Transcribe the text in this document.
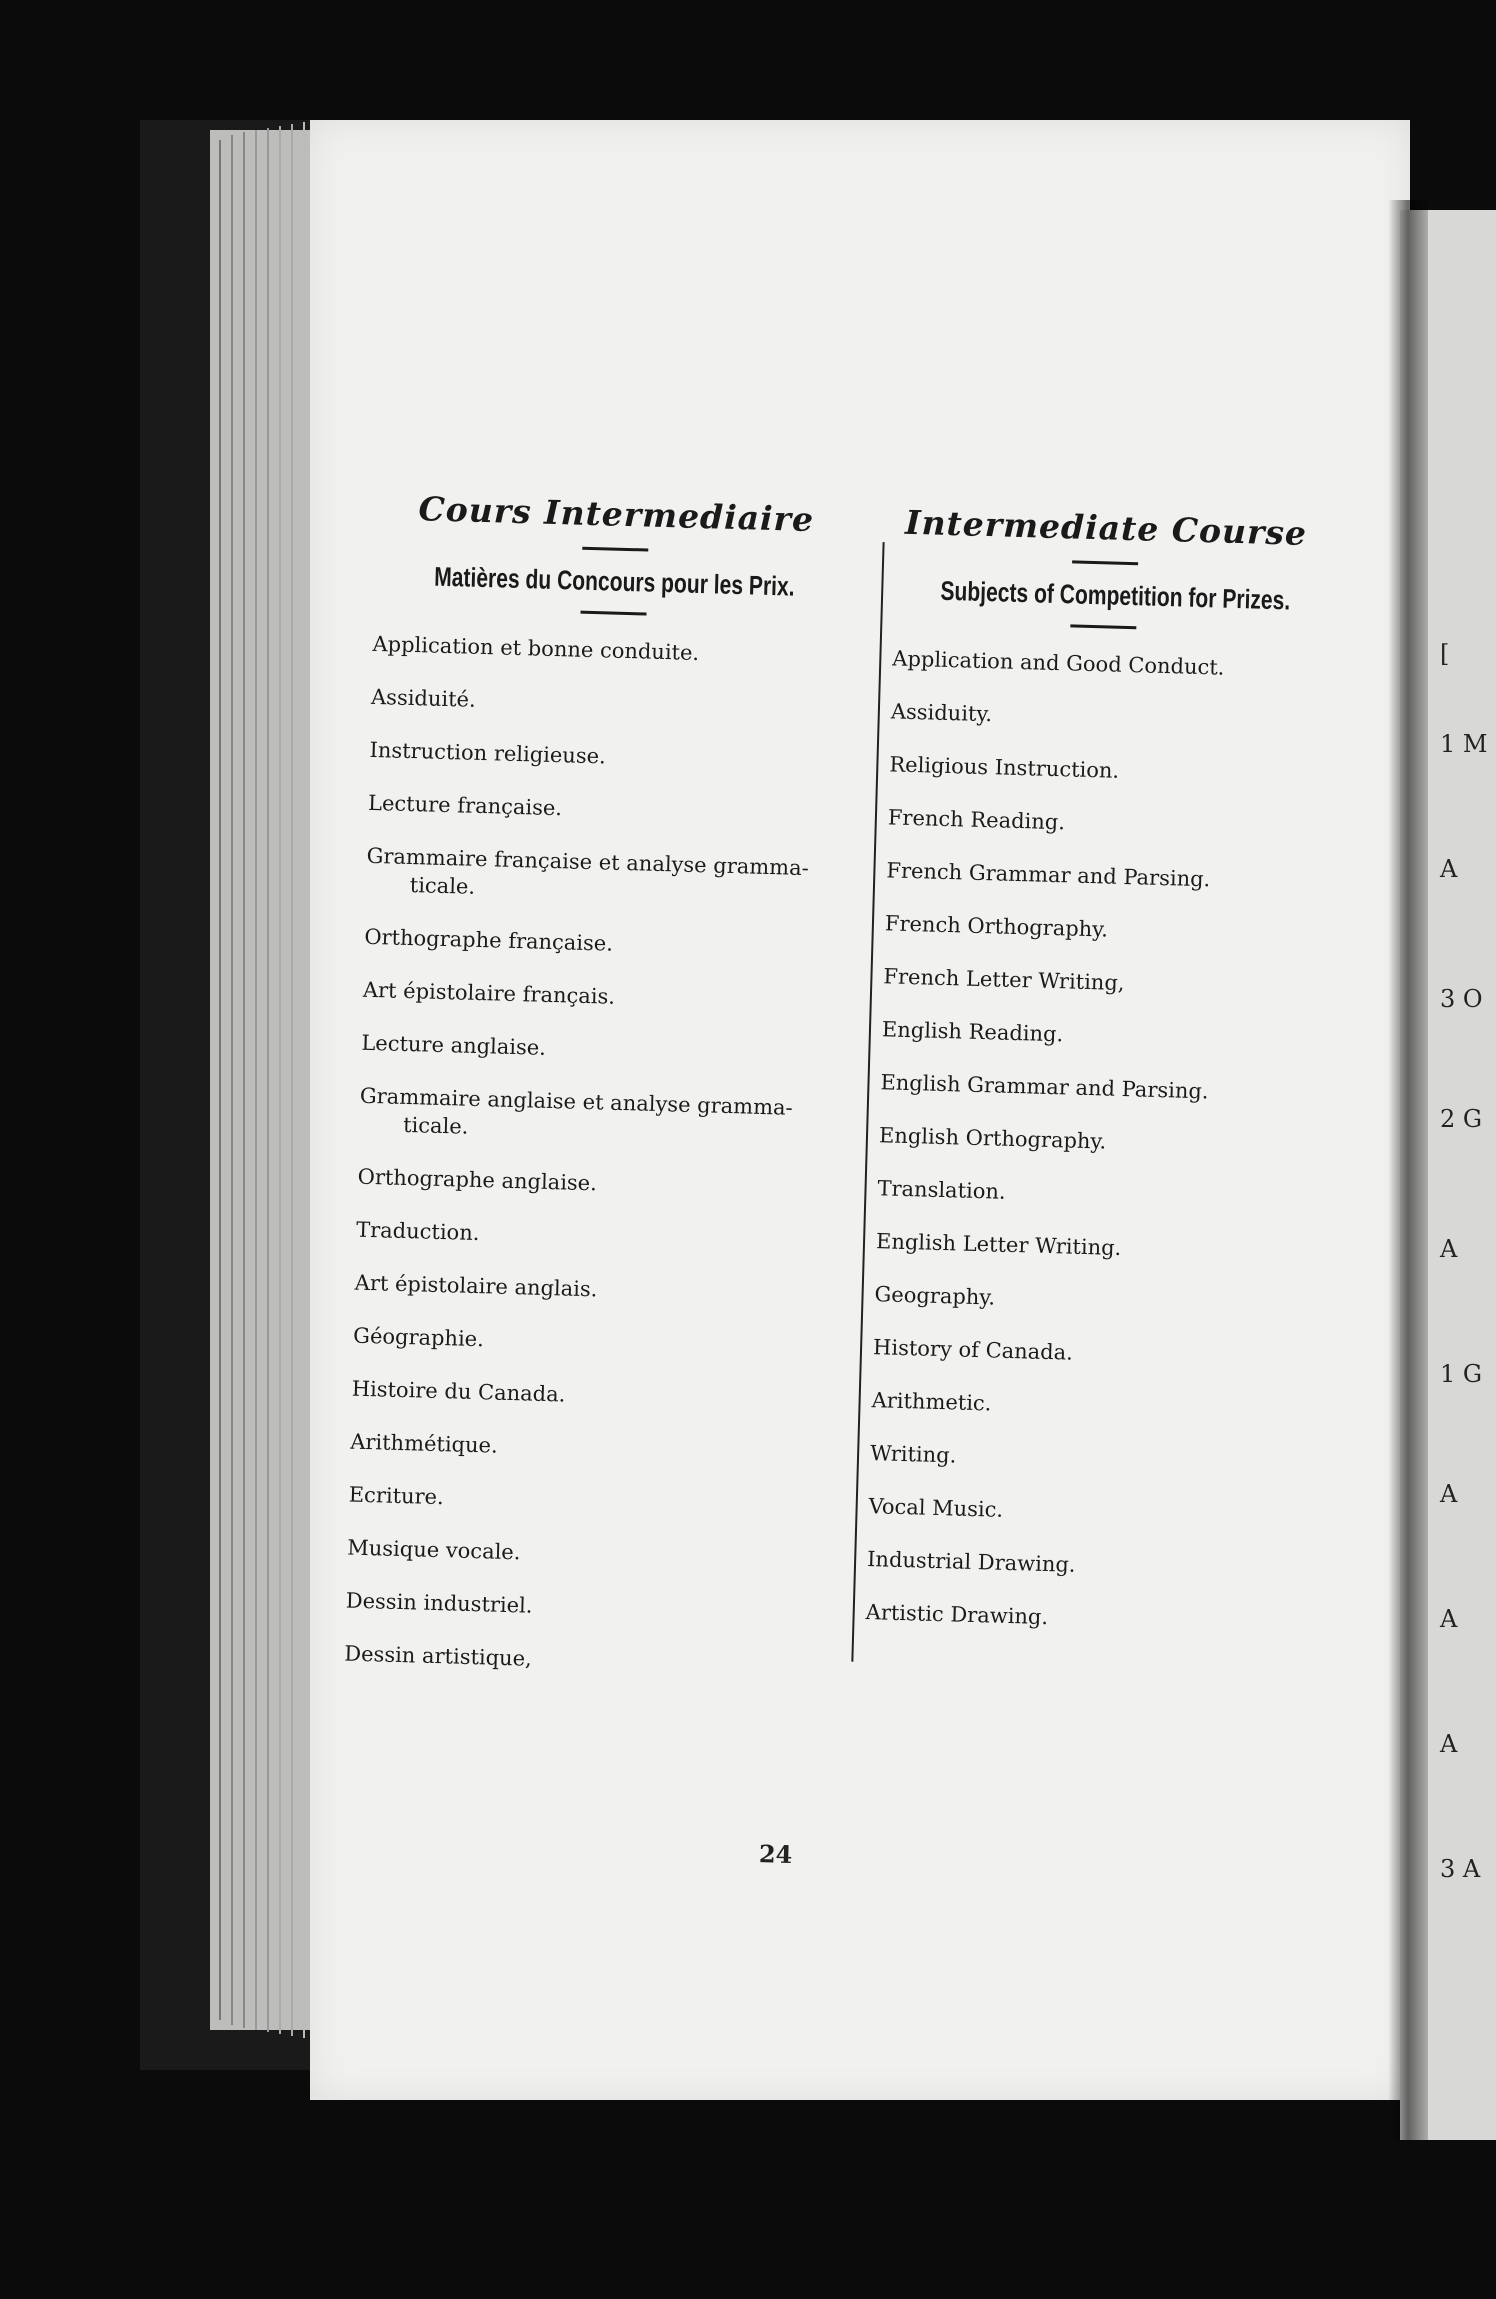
[
1 M
A
3 O
2 G
A
1 G
A
A
A
3 A
Cours Intermediaire
Matières du Concours pour les Prix.
Application et bonne conduite.
Assiduité.
Instruction religieuse.
Lecture française.
Grammaire française et analyse gramma-
ticale.
Orthographe française.
Art épistolaire français.
Lecture anglaise.
Grammaire anglaise et analyse gramma-
ticale.
Orthographe anglaise.
Traduction.
Art épistolaire anglais.
Géographie.
Histoire du Canada.
Arithmétique.
Ecriture.
Musique vocale.
Dessin industriel.
Dessin artistique,
Intermediate Course
Subjects of Competition for Prizes.
Application and Good Conduct.
Assiduity.
Religious Instruction.
French Reading.
French Grammar and Parsing.
French Orthography.
French Letter Writing,
English Reading.
English Grammar and Parsing.
English Orthography.
Translation.
English Letter Writing.
Geography.
History of Canada.
Arithmetic.
Writing.
Vocal Music.
Industrial Drawing.
Artistic Drawing.
24
